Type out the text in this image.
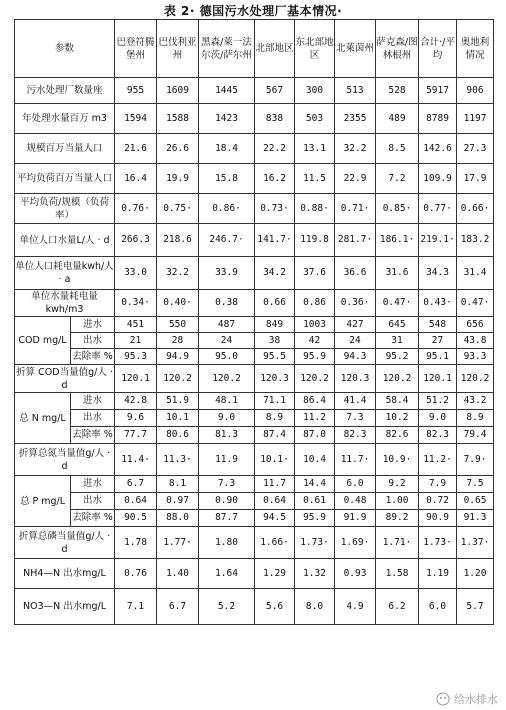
表 2· 德国污水处理厂基本情况·
参数		巴登符腾堡州	巴伐利亚州	黑森/萊一法尔茨/萨尔州	北部地区	东北部地区	北萊茵州	萨克森/图林根州	合计·/平均	奥地利情况
污水处理厂数量座		955	1609	1445	567	300	513	528	5917	906
年处理水量百万 m3		1594	1588	1423	838	503	2355	489	8789	1197
规模百万当量人口		21.6	26.6	18.4	22.2	13.1	32.2	8.5	142.6	27.3
平均负荷百万当量人口		16.4	19.9	15.8	16.2	11.5	22.9	7.2	109.9	17.9
平均负荷/规模（负荷率）		0.76·	0.75·	0.86·	0.73·	0.88·	0.71·	0.85·	0.77·	0.66·
单位人口水量L/人 · d		266.3	218.6	246.7·	141.7·	119.8	281.7·	186.1·	219.1·	183.2
单位人口耗电量kwh/人 · a		33.0	32.2	33.9	34.2	37.6	36.6	31.6	34.3	31.4
单位水量耗电量kwh/m3		0.34·	0.40·	0.38	0.66	0.86	0.36·	0.47·	0.43·	0.47·
COD mg/L	进水	451	550	487	849	1003	427	645	548	656
	出水	21	28	24	38	42	24	31	27	43.8
	去除率 %	95.3	94.9	95.0	95.5	95.9	94.3	95.2	95.1	93.3
折算 COD当量值g/人 · d		120.1	120.2	120.2	120.3	120.2	120.3	120.2	120.1	120.2
总 N mg/L	进水	42.8	51.9	48.1	71.1	86.4	41.4	58.4	51.2	43.2
	出水	9.6	10.1	9.0	8.9	11.2	7.3	10.2	9.0	8.9
	去除率 %	77.7	80.6	81.3	87.4	87.0	82.3	82.6	82.3	79.4
折算总氮当量值g/人 · d		11.4·	11.3·	11.9	10.1·	10.4	11.7·	10.9·	11.2·	7.9·
总 P mg/L	进水	6.7	8.1	7.3	11.7	14.4	6.0	9.2	7.9	7.5
	出水	0.64	0.97	0.90	0.64	0.61	0.48	1.00	0.72	0.65
	去除率 %	90.5	88.0	87.7	94.5	95.9	91.9	89.2	90.9	91.3
折算总磷当量值g/人 · d		1.78	1.77·	1.80	1.66·	1.73·	1.69·	1.71·	1.73·	1.37·
NH4—N 出水mg/L		0.76	1.40	1.64	1.29	1.32	0.93	1.58	1.19	1.20
NO3—N 出水mg/L		7.1	6.7	5.2	5.6	8.0	4.9	6.2	6.0	5.7
给水排水
